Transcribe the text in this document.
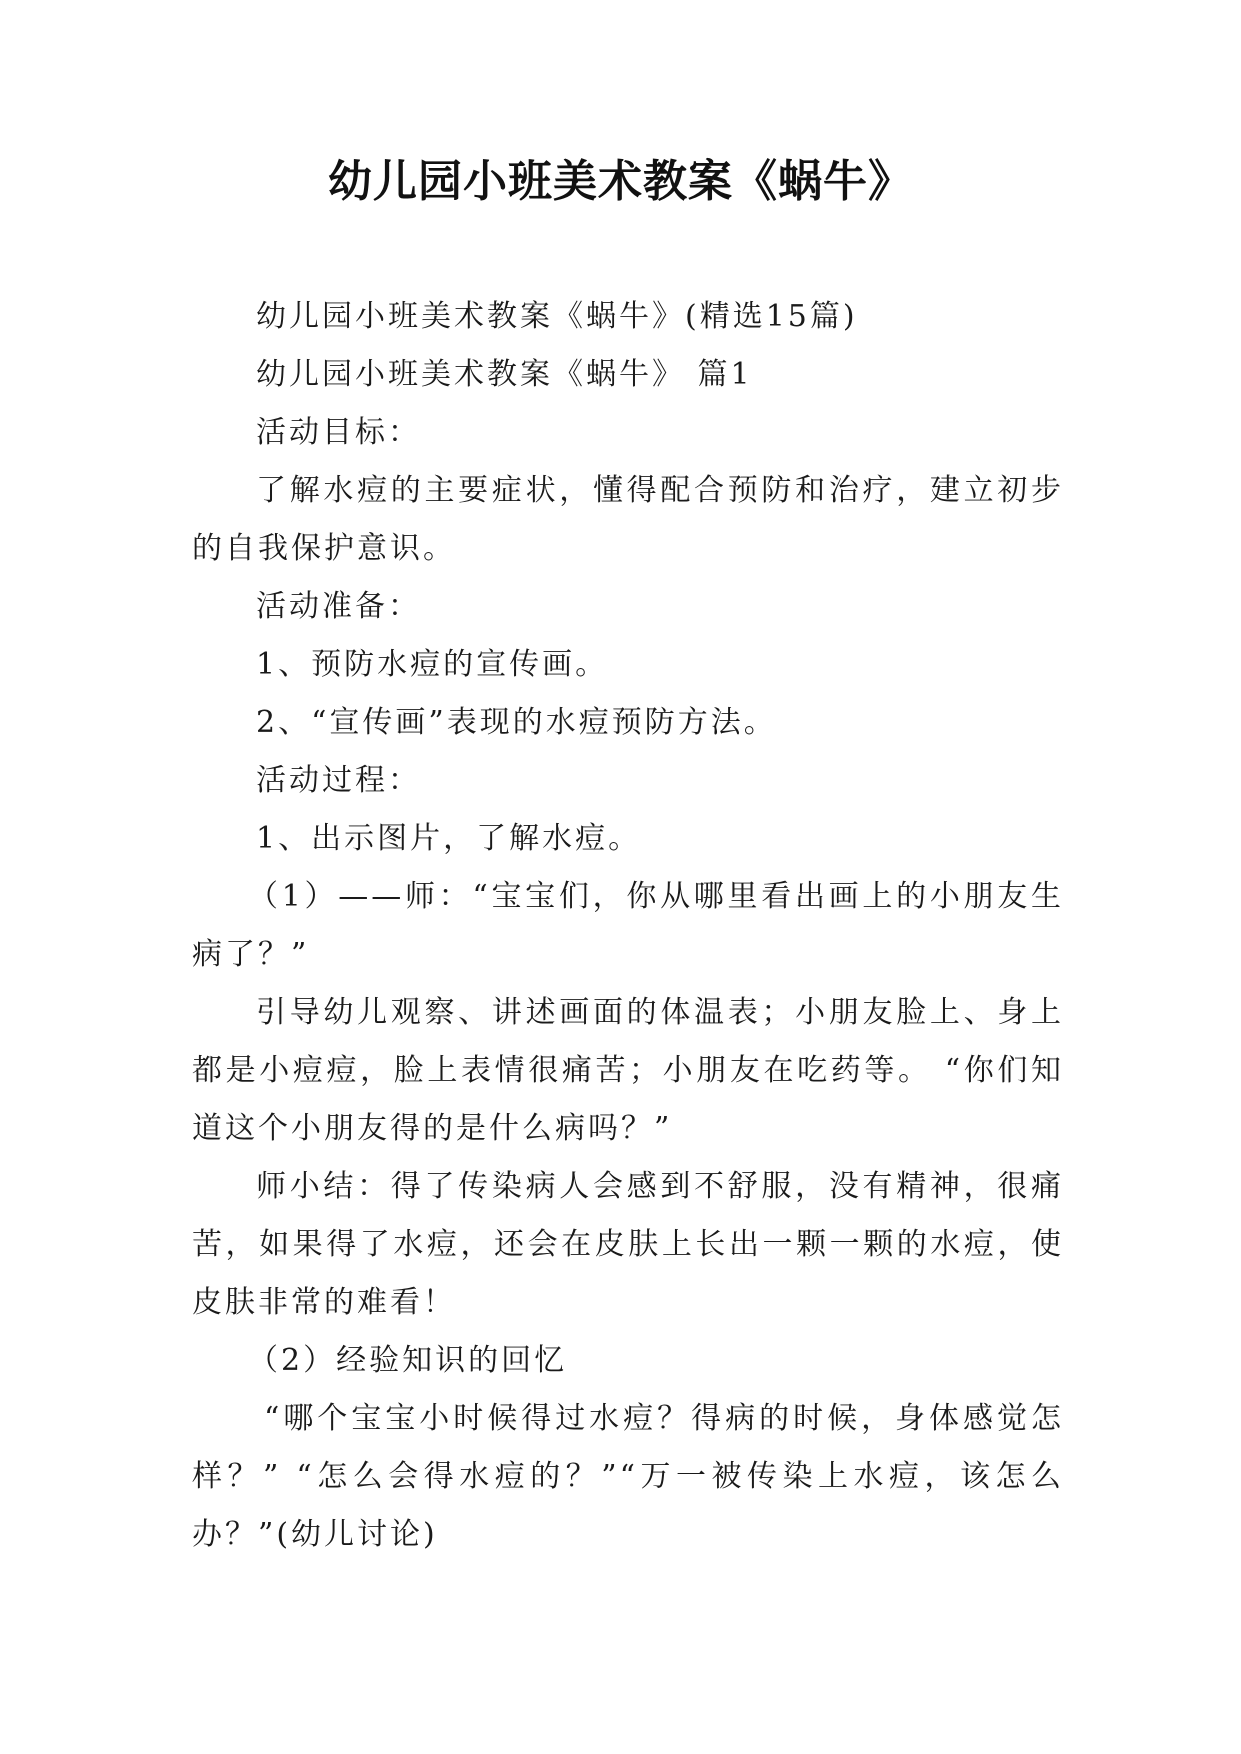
幼儿园小班美术教案《蜗牛》

幼儿园小班美术教案《蜗牛》(精选15篇)

幼儿园小班美术教案《蜗牛》 篇1

活动目标：

了解水痘的主要症状，懂得配合预防和治疗，建立初步的自我保护意识。

活动准备：

1、预防水痘的宣传画。

2、“宣传画”表现的水痘预防方法。

活动过程：

1、出示图片，了解水痘。

（1）——师：“宝宝们，你从哪里看出画上的小朋友生病了？”

引导幼儿观察、讲述画面的体温表；小朋友脸上、身上都是小痘痘，脸上表情很痛苦；小朋友在吃药等。 “你们知道这个小朋友得的是什么病吗？”

师小结：得了传染病人会感到不舒服，没有精神，很痛苦，如果得了水痘，还会在皮肤上长出一颗一颗的水痘，使皮肤非常的难看！

（2）经验知识的回忆

“哪个宝宝小时候得过水痘？得病的时候，身体感觉怎样？” “怎么会得水痘的？”“万一被传染上水痘，该怎么办？”(幼儿讨论)
